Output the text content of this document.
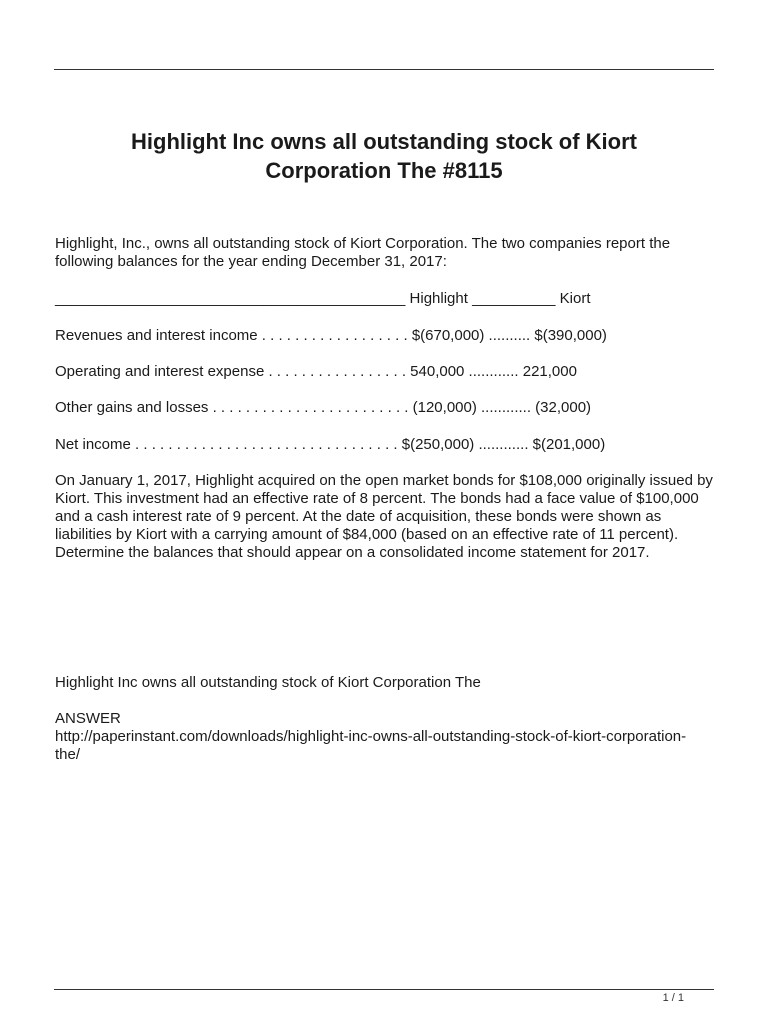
Highlight Inc owns all outstanding stock of Kiort
Corporation The #8115

Highlight, Inc., owns all outstanding stock of Kiort Corporation. The two companies report the following balances for the year ending December 31, 2017:

__________________________________________ Highlight __________ Kiort

Revenues and interest income . . . . . . . . . . . . . . . . . . $(670,000) .......... $(390,000)

Operating and interest expense . . . . . . . . . . . . . . . . . 540,000 ............ 221,000

Other gains and losses . . . . . . . . . . . . . . . . . . . . . . . . (120,000) ............ (32,000)

Net income . . . . . . . . . . . . . . . . . . . . . . . . . . . . . . . . $(250,000) ............ $(201,000)

On January 1, 2017, Highlight acquired on the open market bonds for $108,000 originally issued by Kiort. This investment had an effective rate of 8 percent. The bonds had a face value of $100,000 and a cash interest rate of 9 percent. At the date of acquisition, these bonds were shown as liabilities by Kiort with a carrying amount of $84,000 (based on an effective rate of 11 percent). Determine the balances that should appear on a consolidated income statement for 2017.

Highlight Inc owns all outstanding stock of Kiort Corporation The

ANSWER

http://paperinstant.com/downloads/highlight-inc-owns-all-outstanding-stock-of-kiort-corporation-

the/

1 / 1
